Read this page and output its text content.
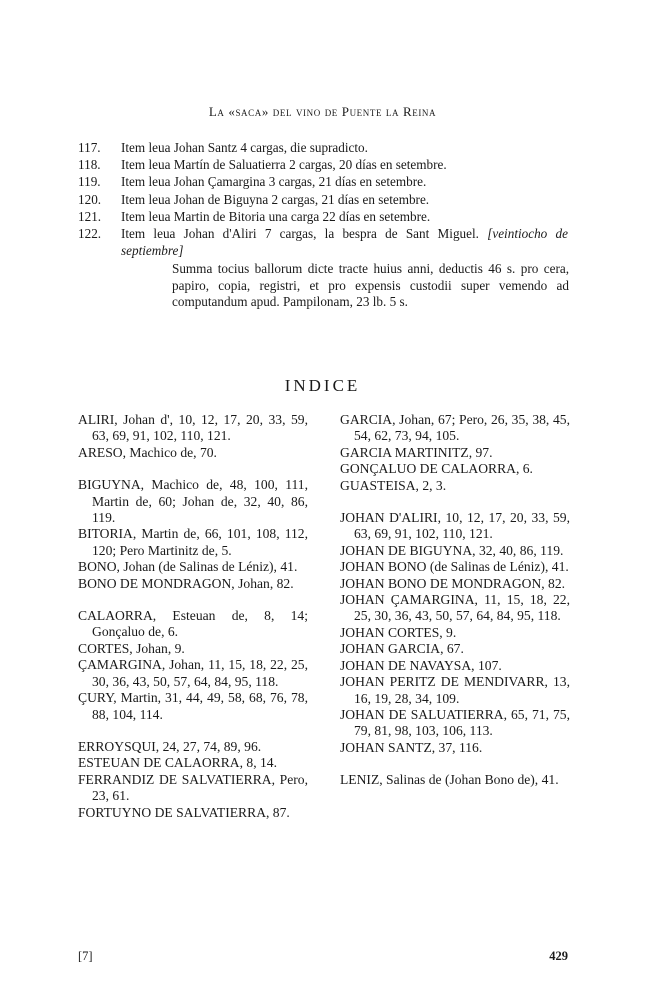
La «saca» del vino de Puente la Reina
117. Item leua Johan Santz 4 cargas, die supradicto.
118. Item leua Martín de Saluatierra 2 cargas, 20 días en setembre.
119. Item leua Johan Çamargina 3 cargas, 21 días en setembre.
120. Item leua Johan de Biguyna 2 cargas, 21 días en setembre.
121. Item leua Martin de Bitoria una carga 22 días en setembre.
122. Item leua Johan d'Aliri 7 cargas, la bespra de Sant Miguel. [veintiocho de septiembre]
Summa tocius ballorum dicte tracte huius anni, deductis 46 s. pro cera, papiro, copia, registri, et pro expensis custodii super vemendo ad computandum apud. Pampilonam, 23 lb. 5 s.
INDICE
ALIRI, Johan d', 10, 12, 17, 20, 33, 59, 63, 69, 91, 102, 110, 121.
ARESO, Machico de, 70.
BIGUYNA, Machico de, 48, 100, 111, Martin de, 60; Johan de, 32, 40, 86, 119.
BITORIA, Martin de, 66, 101, 108, 112, 120; Pero Martinitz de, 5.
BONO, Johan (de Salinas de Léniz), 41.
BONO DE MONDRAGON, Johan, 82.
CALAORRA, Esteuan de, 8, 14; Gonçaluo de, 6.
CORTES, Johan, 9.
ÇAMARGINA, Johan, 11, 15, 18, 22, 25, 30, 36, 43, 50, 57, 64, 84, 95, 118.
ÇURY, Martin, 31, 44, 49, 58, 68, 76, 78, 88, 104, 114.
ERROYSQUI, 24, 27, 74, 89, 96.
ESTEUAN DE CALAORRA, 8, 14.
FERRANDIZ DE SALVATIERRA, Pero, 23, 61.
FORTUYNO DE SALVATIERRA, 87.
GARCIA, Johan, 67; Pero, 26, 35, 38, 45, 54, 62, 73, 94, 105.
GARCIA MARTINITZ, 97.
GONÇALUO DE CALAORRA, 6.
GUASTEISA, 2, 3.
JOHAN D'ALIRI, 10, 12, 17, 20, 33, 59, 63, 69, 91, 102, 110, 121.
JOHAN DE BIGUYNA, 32, 40, 86, 119.
JOHAN BONO (de Salinas de Léniz), 41.
JOHAN BONO DE MONDRAGON, 82.
JOHAN ÇAMARGINA, 11, 15, 18, 22, 25, 30, 36, 43, 50, 57, 64, 84, 95, 118.
JOHAN CORTES, 9.
JOHAN GARCIA, 67.
JOHAN DE NAVAYSA, 107.
JOHAN PERITZ DE MENDIVARR, 13, 16, 19, 28, 34, 109.
JOHAN DE SALUATIERRA, 65, 71, 75, 79, 81, 98, 103, 106, 113.
JOHAN SANTZ, 37, 116.
LENIZ, Salinas de (Johan Bono de), 41.
[7]	429
